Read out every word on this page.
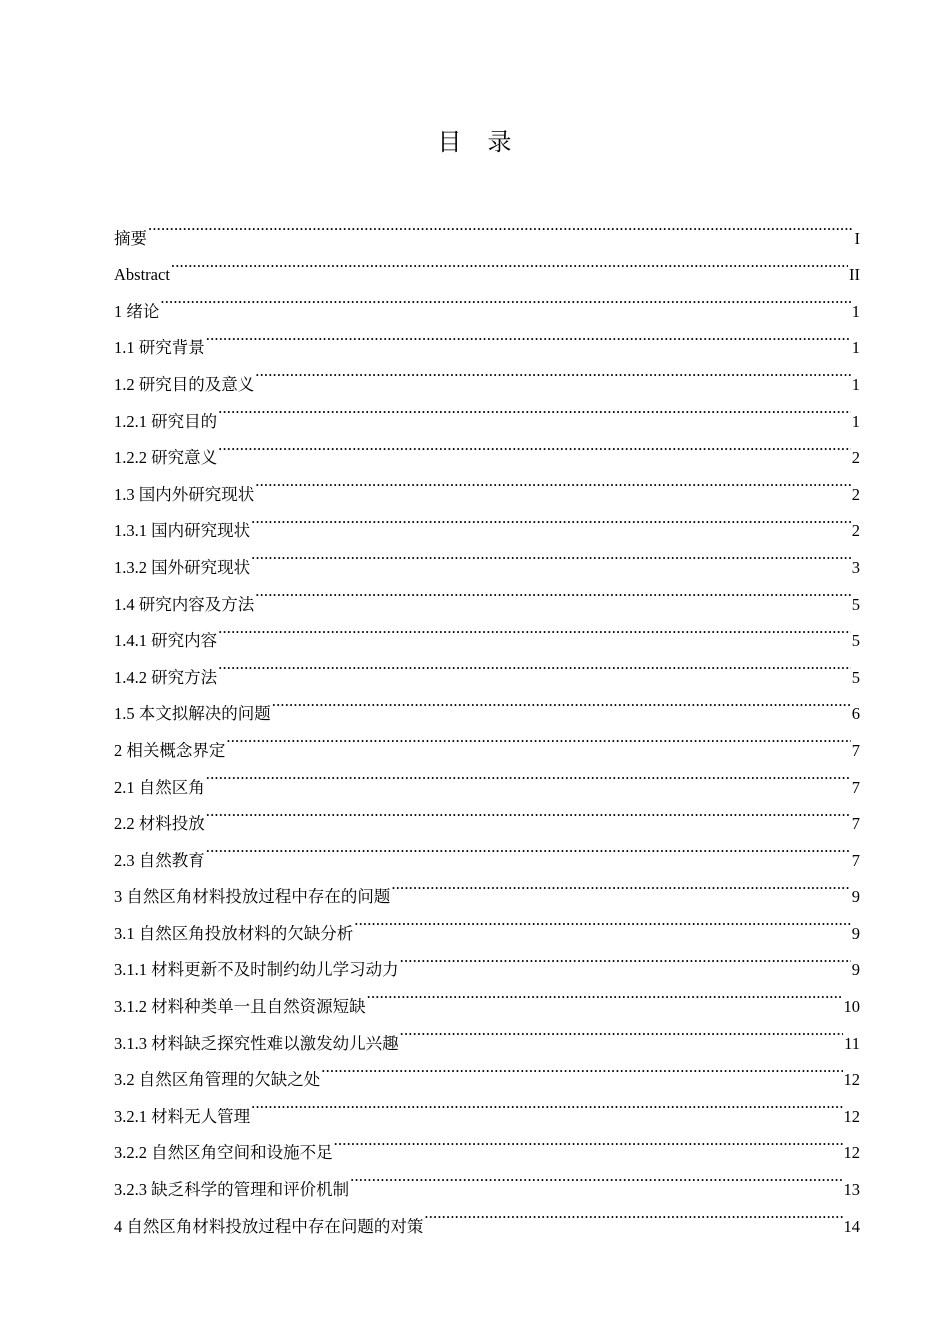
目录
摘要 .....	I
Abstract .....	II
1 绪论 .....	1
1.1 研究背景 .....	1
1.2 研究目的及意义 .....	1
1.2.1 研究目的 .....	1
1.2.2 研究意义 .....	2
1.3 国内外研究现状 .....	2
1.3.1 国内研究现状 .....	2
1.3.2 国外研究现状 .....	3
1.4 研究内容及方法 .....	5
1.4.1 研究内容 .....	5
1.4.2 研究方法 .....	5
1.5 本文拟解决的问题 .....	6
2 相关概念界定 .....	7
2.1 自然区角 .....	7
2.2 材料投放 .....	7
2.3 自然教育 .....	7
3 自然区角材料投放过程中存在的问题 .....	9
3.1 自然区角投放材料的欠缺分析 .....	9
3.1.1 材料更新不及时制约幼儿学习动力 .....	9
3.1.2 材料种类单一且自然资源短缺 .....	10
3.1.3 材料缺乏探究性难以激发幼儿兴趣 .....	11
3.2 自然区角管理的欠缺之处 .....	12
3.2.1 材料无人管理 .....	12
3.2.2 自然区角空间和设施不足 .....	12
3.2.3 缺乏科学的管理和评价机制 .....	13
4 自然区角材料投放过程中存在问题的对策 .....	14
